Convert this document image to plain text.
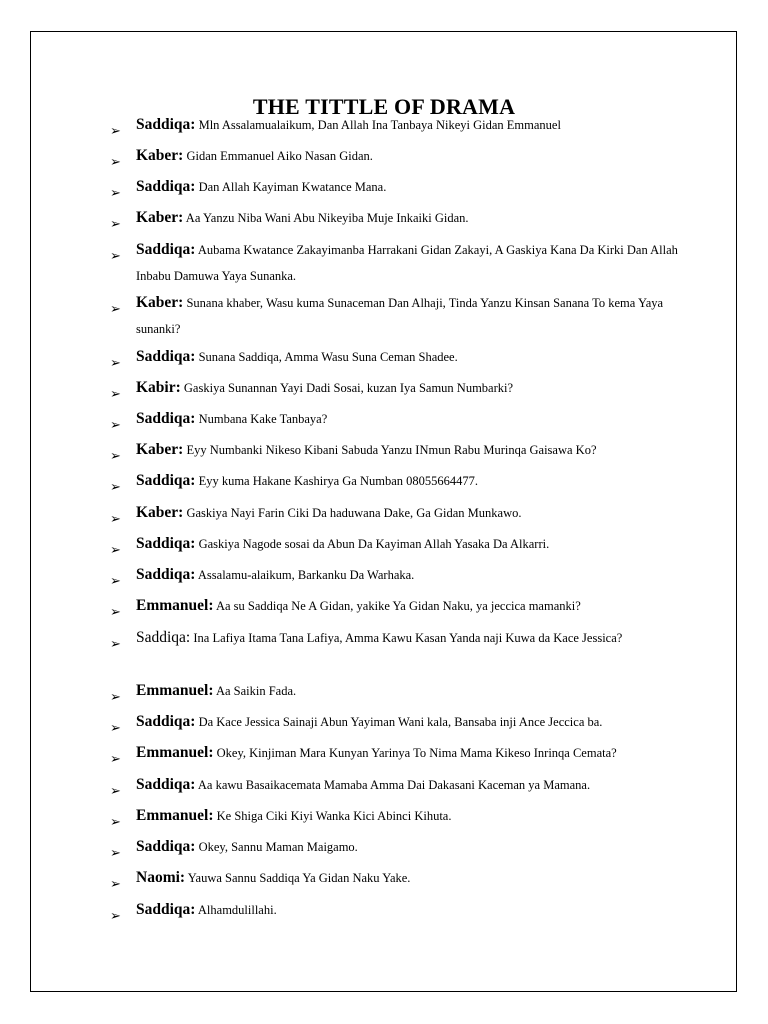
THE TITTLE OF DRAMA
➢ Saddiqa: Mln Assalamualaikum, Dan Allah Ina Tanbaya Nikeyi Gidan Emmanuel
➢ Kaber: Gidan Emmanuel Aiko Nasan Gidan.
➢ Saddiqa: Dan Allah Kayiman Kwatance Mana.
➢ Kaber: Aa Yanzu Niba Wani Abu Nikeyiba Muje Inkaiki Gidan.
➢ Saddiqa: Aubama Kwatance Zakayimanba Harrakani Gidan Zakayi, A Gaskiya Kana Da Kirki Dan Allah Inbabu Damuwa Yaya Sunanka.
➢ Kaber: Sunana khaber, Wasu kuma Sunaceman Dan Alhaji, Tinda Yanzu Kinsan Sanana To kema Yaya sunanki?
➢ Saddiqa: Sunana Saddiqa, Amma Wasu Suna Ceman Shadee.
➢ Kabir: Gaskiya Sunannan Yayi Dadi Sosai, kuzan Iya Samun Numbarki?
➢ Saddiqa: Numbana Kake Tanbaya?
➢ Kaber: Eyy Numbanki Nikeso Kibani Sabuda Yanzu INmun Rabu Murinqa Gaisawa Ko?
➢ Saddiqa: Eyy kuma Hakane Kashirya Ga Numban 08055664477.
➢ Kaber: Gaskiya Nayi Farin Ciki Da haduwana Dake, Ga Gidan Munkawo.
➢ Saddiqa: Gaskiya Nagode sosai da Abun Da Kayiman Allah Yasaka Da Alkarri.
➢ Saddiqa: Assalamu-alaikum, Barkanku Da Warhaka.
➢ Emmanuel: Aa su Saddiqa Ne A Gidan, yakike Ya Gidan Naku, ya jeccica mamanki?
➢ Saddiqa: Ina Lafiya Itama Tana Lafiya, Amma Kawu Kasan Yanda naji Kuwa da Kace Jessica?
➢ Emmanuel: Aa Saikin Fada.
➢ Saddiqa: Da Kace Jessica Sainaji Abun Yayiman Wani kala, Bansaba inji Ance Jeccica ba.
➢ Emmanuel: Okey, Kinjiman Mara Kunyan Yarinya To Nima Mama Kikeso Inrinqa Cemata?
➢ Saddiqa: Aa kawu Basaikacemata Mamaba Amma Dai Dakasani Kaceman ya Mamana.
➢ Emmanuel: Ke Shiga Ciki Kiyi Wanka Kici Abinci Kihuta.
➢ Saddiqa: Okey, Sannu Maman Maigamo.
➢ Naomi: Yauwa Sannu Saddiqa Ya Gidan Naku Yake.
➢ Saddiqa: Alhamdulillahi.
